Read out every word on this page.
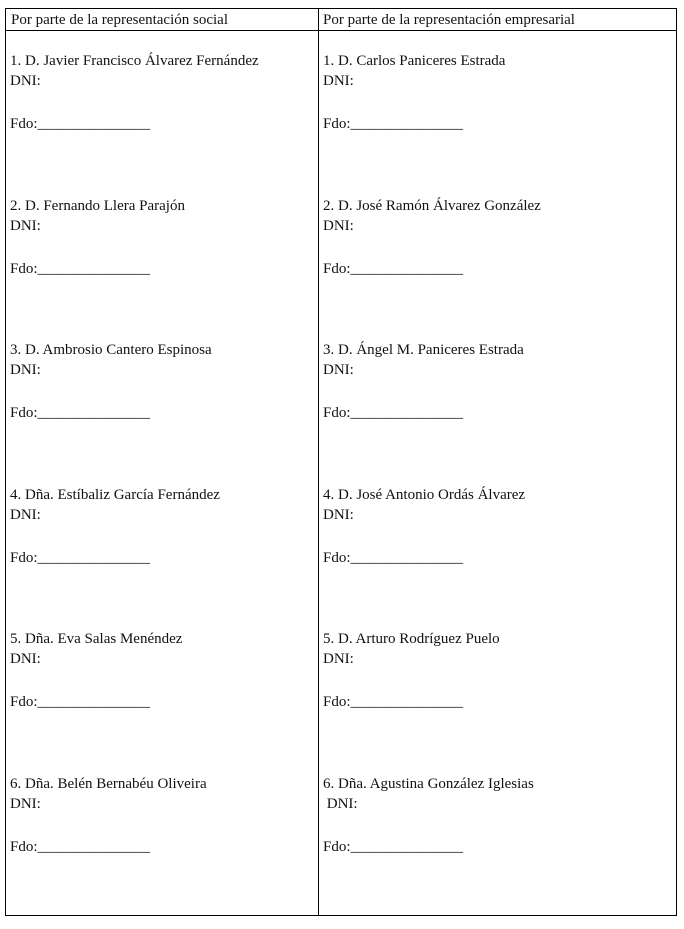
Por parte de la representación social	Por parte de la representación empresarial
1. D. Javier Francisco Álvarez Fernández
DNI:
Fdo:_______________
2. D. Fernando Llera Parajón
DNI:
Fdo:_______________
3. D. Ambrosio Cantero Espinosa
DNI:
Fdo:_______________
4. Dña. Estíbaliz García Fernández
DNI:
Fdo:_______________
5. Dña. Eva Salas Menéndez
DNI:
Fdo:_______________
6. Dña. Belén Bernabéu Oliveira
DNI:
Fdo:_______________
1. D. Carlos Paniceres Estrada
DNI:
Fdo:_______________
2. D. José Ramón Álvarez González
DNI:
Fdo:_______________
3. D. Ángel M. Paniceres Estrada
DNI:
Fdo:_______________
4. D. José Antonio Ordás Álvarez
DNI:
Fdo:_______________
5. D. Arturo Rodríguez Puelo
DNI:
Fdo:_______________
6. Dña. Agustina González Iglesias
DNI:
Fdo:_______________
